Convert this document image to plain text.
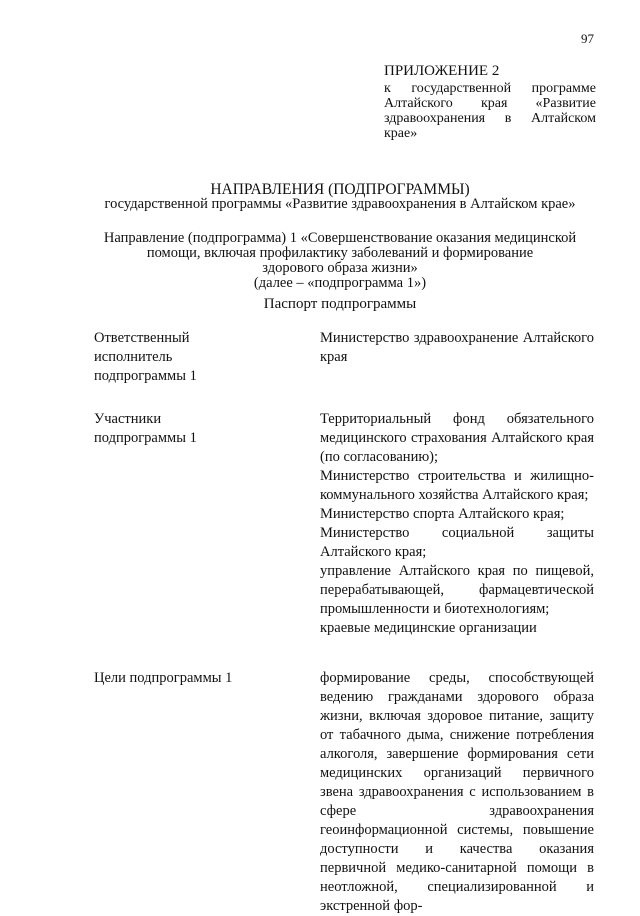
97
ПРИЛОЖЕНИЕ 2
к государственной программе Алтайского края «Развитие здравоохранения в Алтайском крае»
НАПРАВЛЕНИЯ (ПОДПРОГРАММЫ)
государственной программы «Развитие здравоохранения в Алтайском крае»
Направление (подпрограмма) 1 «Совершенствование оказания медицинской
помощи, включая профилактику заболеваний и формирование
здорового образа жизни»
(далее – «подпрограмма 1»)
Паспорт подпрограммы
Ответственный исполнитель подпрограммы 1

Министерство здравоохранение Алтайского края

Участники подпрограммы 1

Территориальный фонд обязательного медицинского страхования Алтайского края (по согласованию);

Министерство строительства и жилищно-коммунального хозяйства Алтайского края;

Министерство спорта Алтайского края;

Министерство социальной защиты Алтайского края;

управление Алтайского края по пищевой, перерабатывающей, фармацевтической промышленности и биотехнологиям;

краевые медицинские организации

Цели подпрограммы 1	формирование среды, способствующей ведению гражданами здорового образа жизни, включая здоровое питание, защиту от табачного дыма, снижение потребления алкоголя, завершение формирования сети медицинских организаций первичного звена здравоохранения с использованием в сфере здравоохранения геоинформационной системы, повышение доступности и качества оказания первичной медико-санитарной помощи в неотложной, специализированной и экстренной фор-
